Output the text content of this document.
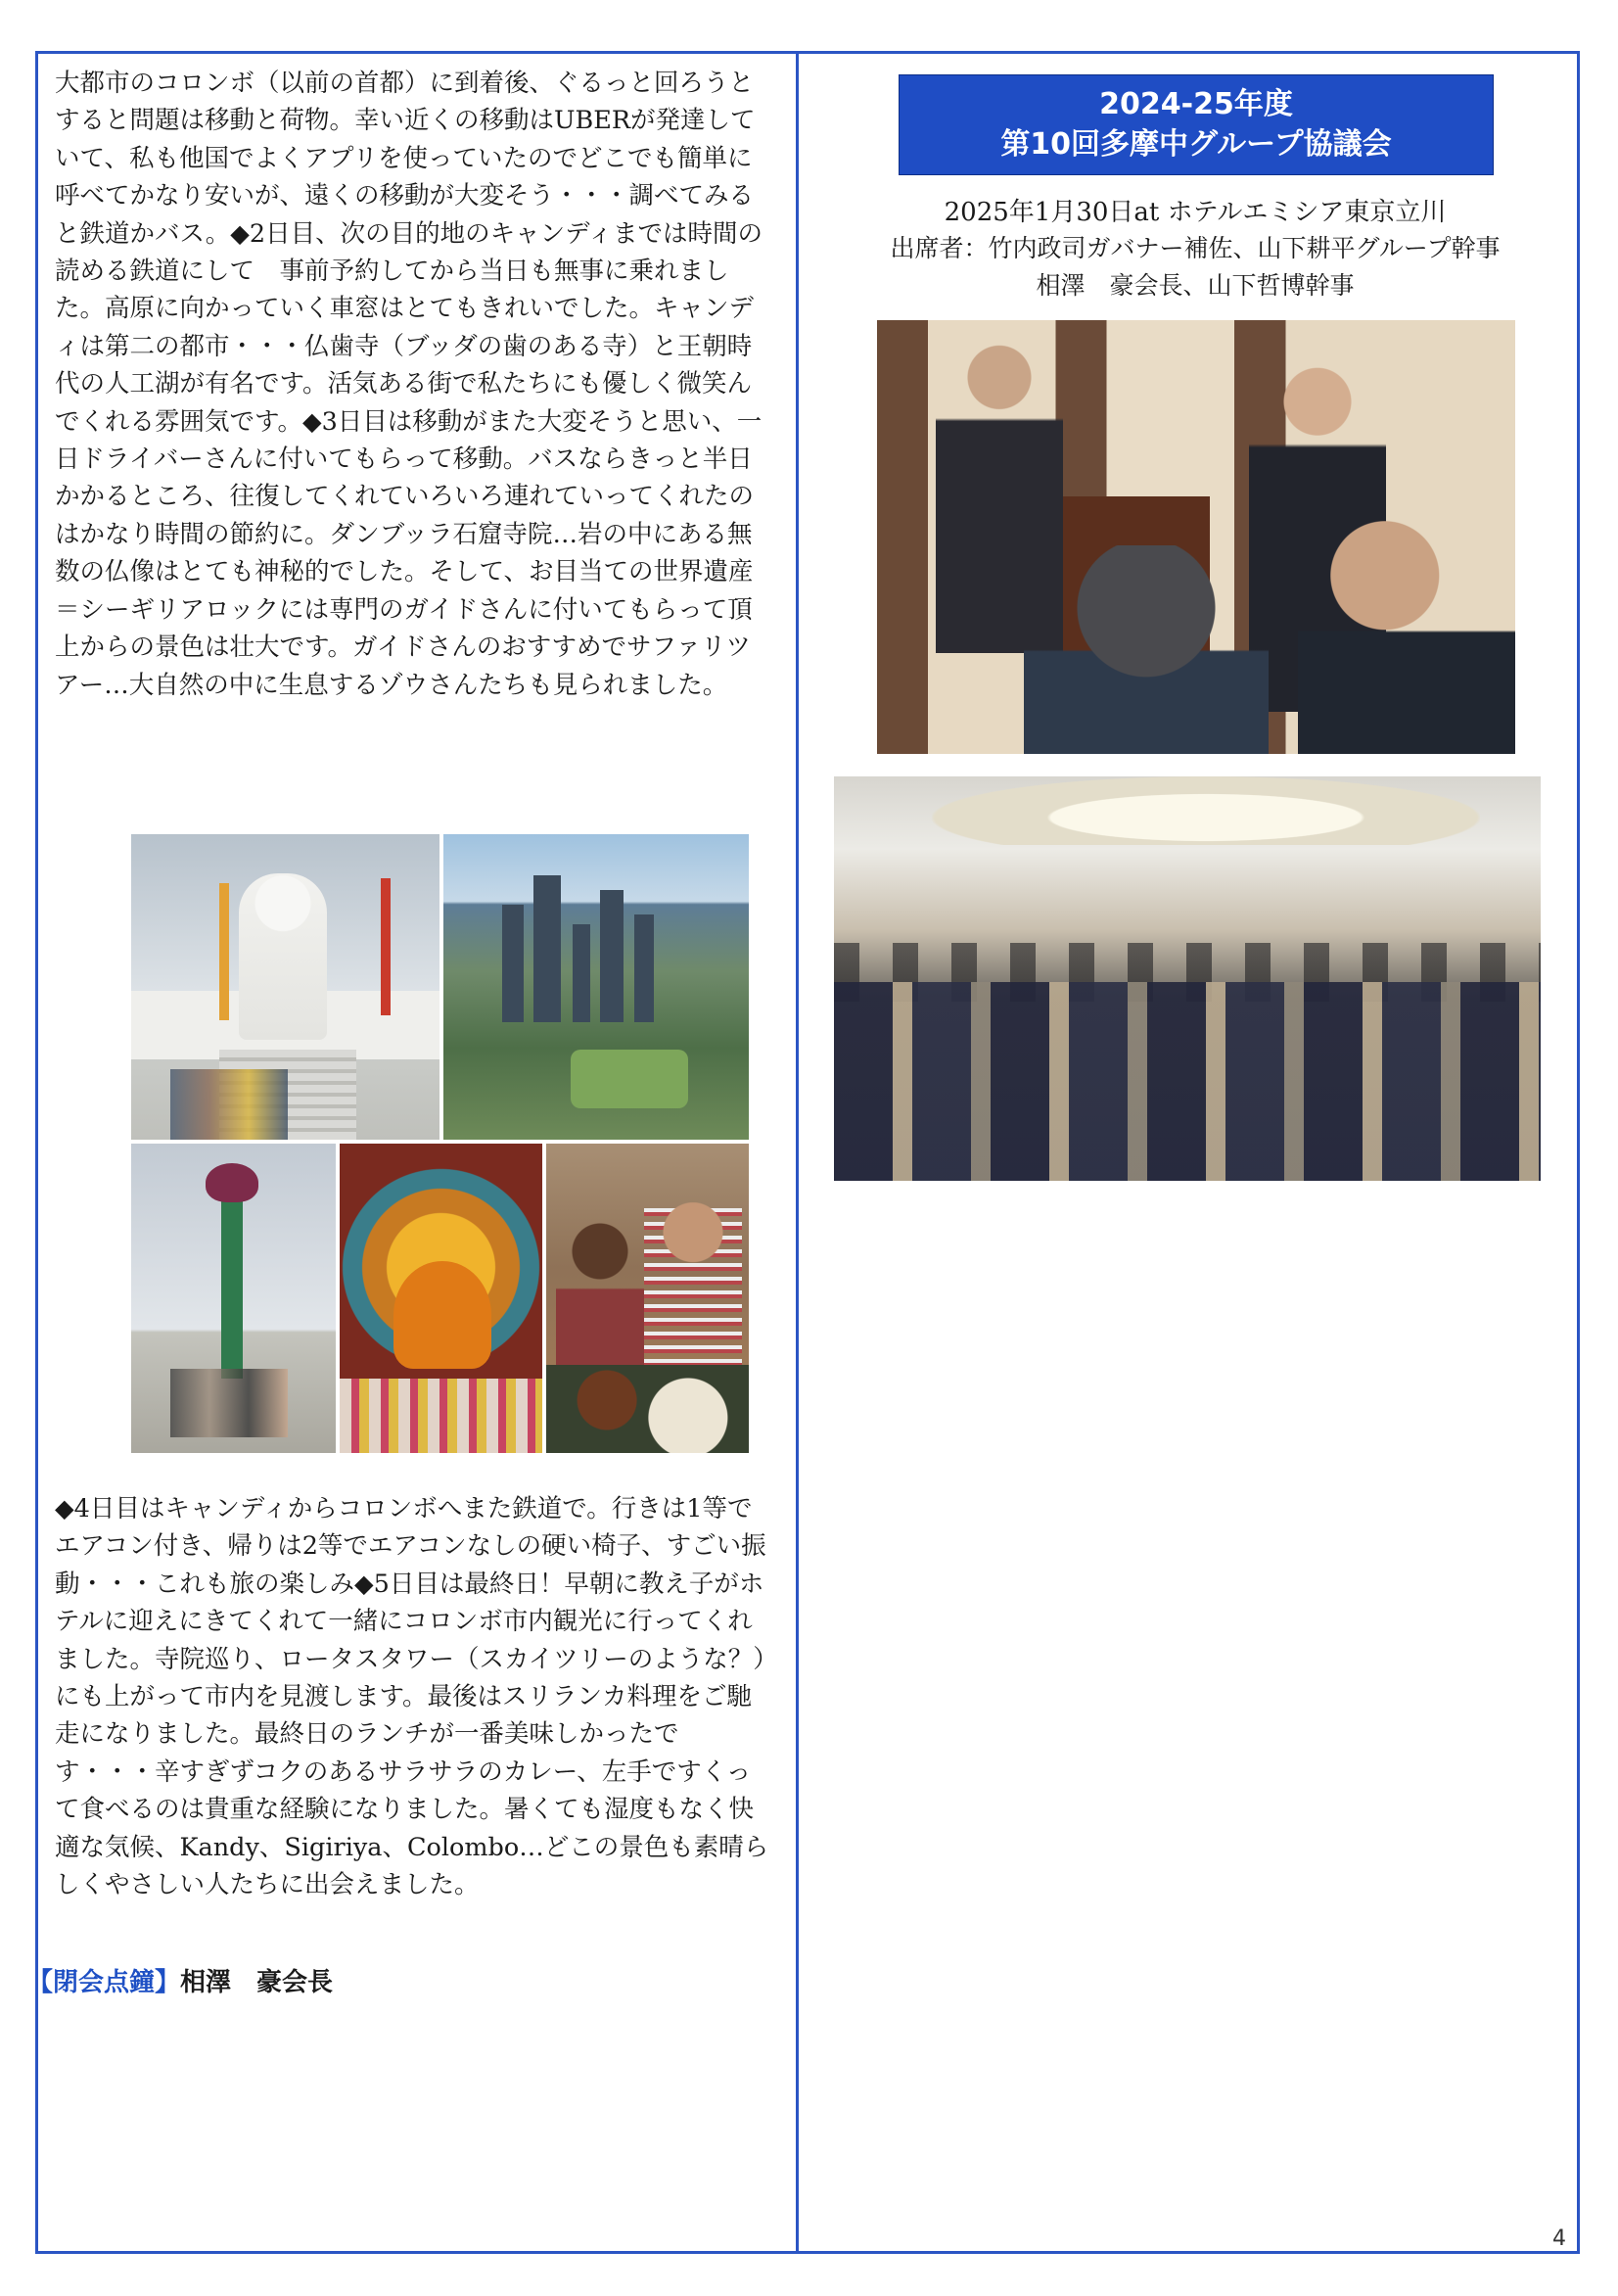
大都市のコロンボ（以前の首都）に到着後、ぐるっと回ろうとすると問題は移動と荷物。幸い近くの移動はUBERが発達していて、私も他国でよくアプリを使っていたのでどこでも簡単に呼べてかなり安いが、遠くの移動が大変そう・・・調べてみると鉄道かバス。◆2日目、次の目的地のキャンディまでは時間の読める鉄道にして　事前予約してから当日も無事に乗れました。高原に向かっていく車窓はとてもきれいでした。キャンディは第二の都市・・・仏歯寺（ブッダの歯のある寺）と王朝時代の人工湖が有名です。活気ある街で私たちにも優しく微笑んでくれる雰囲気です。◆3日目は移動がまた大変そうと思い、一日ドライバーさんに付いてもらって移動。バスならきっと半日かかるところ、往復してくれていろいろ連れていってくれたのはかなり時間の節約に。ダンブッラ石窟寺院…岩の中にある無数の仏像はとても神秘的でした。そして、お目当ての世界遺産＝シーギリアロックには専門のガイドさんに付いてもらって頂上からの景色は壮大です。ガイドさんのおすすめでサファリツアー…大自然の中に生息するゾウさんたちも見られました。

◆4日目はキャンディからコロンボへまた鉄道で。行きは1等でエアコン付き、帰りは2等でエアコンなしの硬い椅子、すごい振動・・・これも旅の楽しみ◆5日目は最終日！早朝に教え子がホテルに迎えにきてくれて一緒にコロンボ市内観光に行ってくれました。寺院巡り、ロータスタワー（スカイツリーのような？）にも上がって市内を見渡します。最後はスリランカ料理をご馳走になりました。最終日のランチが一番美味しかったです・・・辛すぎずコクのあるサラサラのカレー、左手ですくって食べるのは貴重な経験になりました。暑くても湿度もなく快適な気候、Kandy、Sigiriya、Colombo…どこの景色も素晴らしくやさしい人たちに出会えました。

【閉会点鐘】相澤　豪会長
2024-25年度
第10回多摩中グループ協議会
2025年1月30日at ホテルエミシア東京立川
出席者：竹内政司ガバナー補佐、山下耕平グループ幹事
相澤　豪会長、山下哲博幹事
4
